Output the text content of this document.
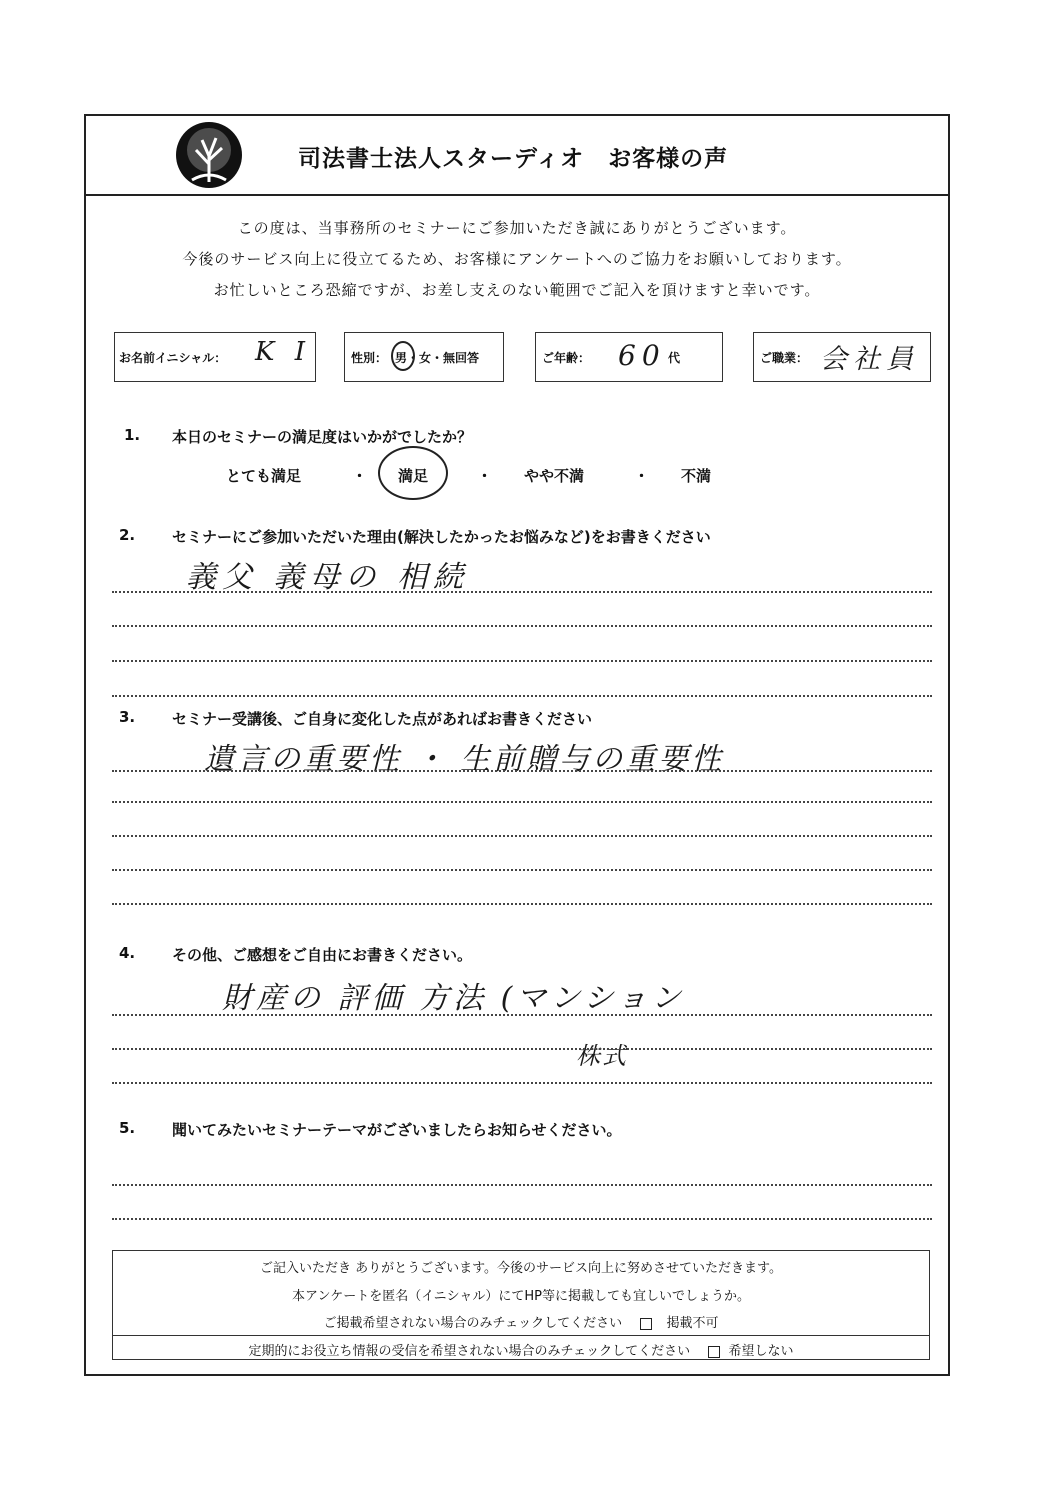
司法書士法人スターディオ　お客様の声
この度は、当事務所のセミナーにご参加いただき誠にありがとうございます。
今後のサービス向上に役立てるため、お客様にアンケートへのご協力をお願いしております。
お忙しいところ恐縮ですが、お差し支えのない範囲でご記入を頂けますと幸いです。
お名前イニシャル： K I	性別： 男・女・無回答	ご年齢： 60 代	ご職業： 会社員
1. 本日のセミナーの満足度はいかがでしたか？
とても満足	・ 満足	・ やや不満	・ 不満
2. セミナーにご参加いただいた理由(解決したかったお悩みなど)をお書きください
義父 義母の 相続
3. セミナー受講後、ご自身に変化した点があればお書きください
遺言の重要性 ・ 生前贈与の重要性
4. その他、ご感想をご自由にお書きください。
財産の 評価 方法 (マンション
株式
5. 聞いてみたいセミナーテーマがございましたらお知らせください。
ご記入いただき ありがとうございます。今後のサービス向上に努めさせていただきます。
本アンケートを匿名（イニシャル）にてHP等に掲載しても宜しいでしょうか。
ご掲載希望されない場合のみチェックしてください	掲載不可
定期的にお役立ち情報の受信を希望されない場合のみチェックしてください	希望しない
